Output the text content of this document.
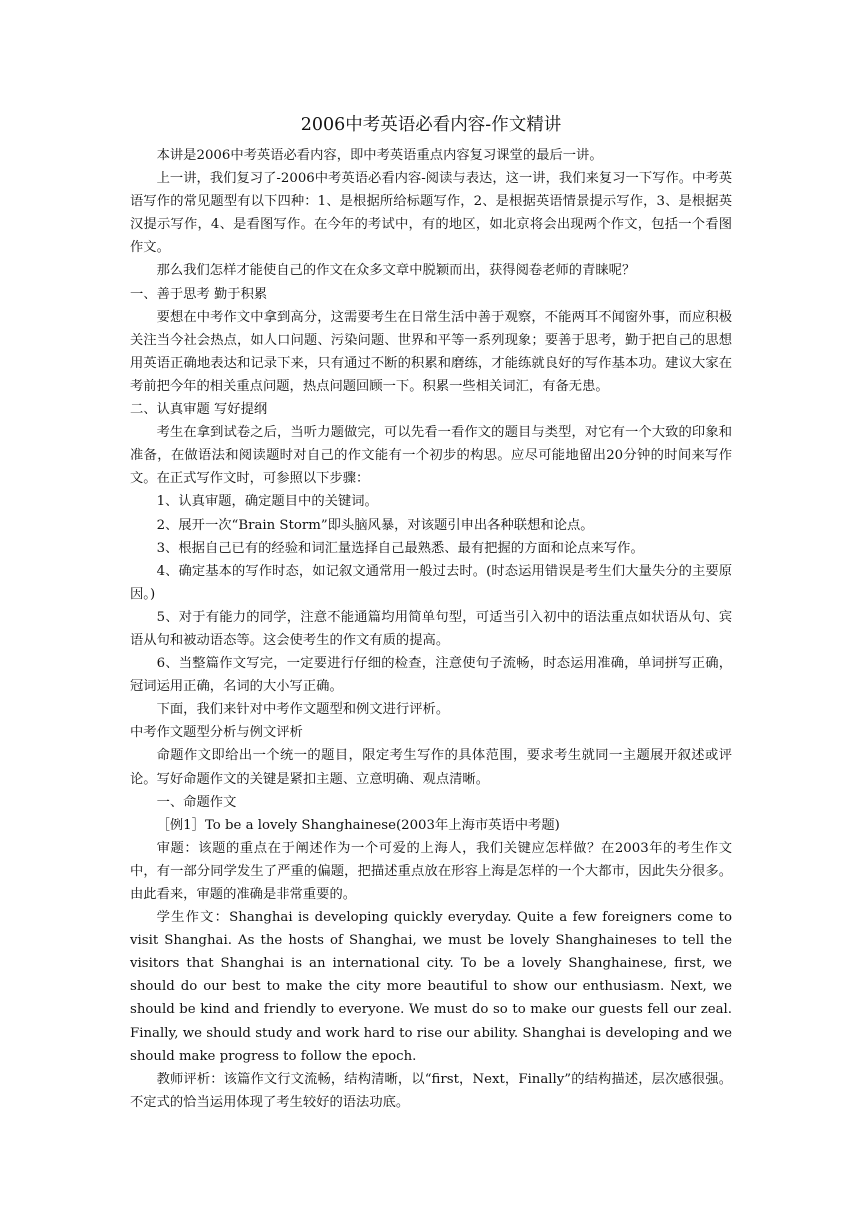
2006中考英语必看内容-作文精讲

本讲是2006中考英语必看内容，即中考英语重点内容复习课堂的最后一讲。

上一讲，我们复习了-2006中考英语必看内容-阅读与表达，这一讲，我们来复习一下写作。中考英语写作的常见题型有以下四种：1、是根据所给标题写作，2、是根据英语情景提示写作，3、是根据英汉提示写作，4、是看图写作。在今年的考试中，有的地区，如北京将会出现两个作文，包括一个看图作文。

那么我们怎样才能使自己的作文在众多文章中脱颖而出，获得阅卷老师的青睐呢？

一、善于思考 勤于积累

要想在中考作文中拿到高分，这需要考生在日常生活中善于观察，不能两耳不闻窗外事，而应积极关注当今社会热点，如人口问题、污染问题、世界和平等一系列现象；要善于思考，勤于把自己的思想用英语正确地表达和记录下来，只有通过不断的积累和磨练，才能练就良好的写作基本功。建议大家在考前把今年的相关重点问题，热点问题回顾一下。积累一些相关词汇，有备无患。

二、认真审题 写好提纲

考生在拿到试卷之后，当听力题做完，可以先看一看作文的题目与类型，对它有一个大致的印象和准备，在做语法和阅读题时对自己的作文能有一个初步的构思。应尽可能地留出20分钟的时间来写作文。在正式写作文时，可参照以下步骤：

1、认真审题，确定题目中的关键词。

2、展开一次“Brain Storm”即头脑风暴，对该题引申出各种联想和论点。

3、根据自己已有的经验和词汇量选择自己最熟悉、最有把握的方面和论点来写作。

4、确定基本的写作时态，如记叙文通常用一般过去时。(时态运用错误是考生们大量失分的主要原因。)

5、对于有能力的同学，注意不能通篇均用简单句型，可适当引入初中的语法重点如状语从句、宾语从句和被动语态等。这会使考生的作文有质的提高。

6、当整篇作文写完，一定要进行仔细的检查，注意使句子流畅，时态运用准确，单词拼写正确，冠词运用正确，名词的大小写正确。

下面，我们来针对中考作文题型和例文进行评析。

中考作文题型分析与例文评析

命题作文即给出一个统一的题目，限定考生写作的具体范围，要求考生就同一主题展开叙述或评论。写好命题作文的关键是紧扣主题、立意明确、观点清晰。

一、命题作文

［例1］To be a lovely Shanghainese(2003年上海市英语中考题)

审题：该题的重点在于阐述作为一个可爱的上海人，我们关键应怎样做？在2003年的考生作文中，有一部分同学发生了严重的偏题，把描述重点放在形容上海是怎样的一个大都市，因此失分很多。由此看来，审题的准确是非常重要的。

学生作文：Shanghai is developing quickly everyday. Quite a few foreigners come to visit Shanghai. As the hosts of Shanghai, we must be lovely Shanghaineses to tell the visitors that Shanghai is an international city. To be a lovely Shanghainese, first, we should do our best to make the city more beautiful to show our enthusiasm. Next, we should be kind and friendly to everyone. We must do so to make our guests fell our zeal. Finally, we should study and work hard to rise our ability. Shanghai is developing and we should make progress to follow the epoch.

教师评析：该篇作文行文流畅，结构清晰，以“first，Next，Finally”的结构描述，层次感很强。不定式的恰当运用体现了考生较好的语法功底。
